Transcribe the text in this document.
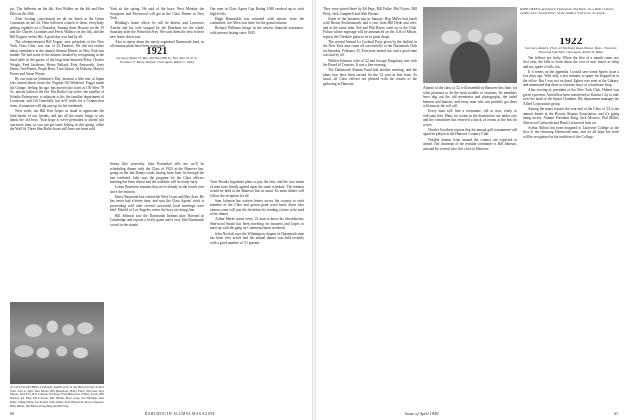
pic. The Selbertis on the 4th, Ken Walker on the 4th and Ben Ellis on the 29th.

After visiting coast-bound we all ate lunch at the Green Commons on the 24. Then followed a batch of them, everybody getting together on a Thursday. Among them Horatio on the 19 and the Charles Coombes and Ferris Wallace on the 4th, and the Bill Fogarts on the 8th. A good day was had by all.

The aforementioned Bill Fogart, now president of the New York Class Club, was one of 23 Farmers. He did not realize about attendance at the annual Alumni Dinner in New York last month. We had some of the alumni, headed by recognizing at the head table as the guests of the long-time-honored Prexy Charles Wright, Fred Jacobsen, Henry Ballard, Fritz Amsworth, Jerry Deniz, Ned Bemis, Proph Rose, Tim Gibson, Al Doherty, Harvey Ferrer and Verne Winter.

By our man on Valentine's Day, because a film tour of Japan was carried about down the Virginia Oil Weekend. Fogg's made his Grange, feeling his age, has moved into town at 150 West 79 St., almost fallen to the fire. His Radio City office, the satellite of Schultz Enterprises, is adjacent to his the familiar department of Louisiana, and Oil Generally, but he'll settle for a Connecticut farm, if someone will dig one up for his weekends.

Next week, our Bill Kerr hopes as usual to appreciate the kind hearts of our friends, and has all the warm things to say about the old boys. Your hope is we're permitted to attend just one more time, so you can get some fishing in this spring, while the Wall St. Three blue Baltic boats still have not been sold.

York sit the spring. He said of the boys: Next Monday the Scorpions and Fleetwood will get in the Class Dinner in New York.

Reading's home office: he will be absent, and Lawrence Ainslie and his wife stopped by the Dearborn for the whole Saturday after the Princeton Fray. We wish them the best in their new home down east.

Also to report about the newly organized Dartmouth fund, as all reunion plans have been postponed.

1921
Secretary, Robert S. Mix, 450 West 58th St., New York 19, N. Y.; Treasurer, F. Baron Sanford; Class Agent, Robert C. Wiley

Seems like yesterday. Jake Rosenthal tells me we'll be scheduling dinner with the Class of 1922 at the Hanover Inn, going on the Jim Dainty roads, lasting from June 1st through the late weekend. Jake says the program for the Class officers meeting has been drawn and the schedule will be ready early.

Lenny Bernstein remarks that we're already in the fourth year since the reunion.

Harry Raymond has visited the West Coast and Bay Area. He has never had a better time, and says the Class Agents' work is proceeding well after several successful local meetings were held. Harold of Los Angeles writes the boys are doing fine.

Bill Johnson saw the Dartmouth Indians play Harvard in Cambridge and reports a lively game and a very fine Dartmouth crowd in the stands.

Our men in Class Agent Cup Rating 1948 reached up to such high levels.

Hugh Barnstable has returned with reports from the committee: Joe Allen was there for the grand reunion.

Richard Williams brings in the newest financial assistance, with interest lasting since 1945.

Twin Brooks Ingraham plans to pay the fees, and the two teams of men have finally agreed upon the same schedule. The reunion would be held at the Hanover Inn as usual. Its main dinner will follow the reception for all.

Sam Johnson has written letters across the country to each member of the Class and gotten good word back; those who cannot come will join the festivities by sending a letter to be read at the dinner.

Arthur Marks wants every '21 man to know his whereabouts; Sherwood Smith has been traveling on business and hopes to meet up with the gang on Commencement weekend.

John Nichols says the Wilmington chapter of Dartmouth men has been very active and the annual dinner was held recently with a good number of '21 present.

'21 GET-TO-GETHER: A February alumni party in the Harvard Club of New York. Left to right: Dan Morse, Bill Beaumont, Harry Fultz, Jim Gass, Ray Mason, Walt Fox, Bob Johnson, Ed Rapp, Fred Hallowell, Whitey Lewis, Bill Hartley, Ed Tiley, Pitch Steele, Rab Martin, Hoot Gage, Joe Hartigan, Ken Kelly, Johnny Hunt, Joe Stadler, Sam Sidley, Fred Wheelock, Moose Shepard, Billy Miller, Jim Black, Doug Bing and Bill Day.
60	DARTMOUTH ALUMNI MAGAZINE

They were joined there by Ed Page, Bill Fuller, Phil Noyes, Bill Perry, Jack Campbell and Walt Ebener.

Some of the business trip in January: Reg Miller had lunch with Bernie Rocketmouth, and a visit from Bill Hyde and wife, and at the same time, Sid and Phil Hayes went on to the Club. Fulton whose marriage will be announced on the 11th of March, reports the Cheshire plaza to be in great shape.

The second Annual La Cocktail Party given by the faithful in the New York area came off successfully at the Dartmouth Club on Saturday, February 25. Everyone turned out, and a good time was had by all.

Wilbert Johnson, wife of '22 and George Kingsbury, met with the Board of Trustees. It was a fine evening.

The Dartmouth Alumni Fund had another meeting, and the plans now have been carried for the '22 year in fine form. As usual, all Class officers are pleased with the results of the gathering in Hanover.

KNEE DEEP in prehistoric Dartmouth, Ted Nash, '22, a Baker Library exhibit. Also "Grand Prize" of the Indian's Club to an '22 trophy.

Alumni of the class of '22 will assemble at Hanover this June, for what promises to be the most notable of reunions. Its members have dug out the old mementos and photographs, the faded banners and buttons, and every man who can possibly get there will answer the roll call.

Every man will find a roommate, old or new, ready to welcome him. Plans for rooms in the dormitories are under way and the committee has reserved a block of rooms at the Inn for wives.

Charles Goodwin reports that the annual golf tournament will again be played at the Hanover Country Club.

Notable alumni from around the country are expected to attend. The chairman of the reunion committee is Bill Johnson, assisted by several who live close to Hanover.

1922
Secretary, Ralph L. Fitch, 45 Northeast Road, Boston, Mass.; Treasurer, Sherwood Fairchild; Class Agent, Robert W. Baker

Ten fellows are lucky. When the first of a month came, my first year, the bills to learn about the cost of new issues as whip and my spade of tells, too.

If it seems on the appendix I would save some Sports issue a few days ago. With only a few minutes to spare, he dropped in at the office. But I was not on hand. Egbert was seen at the Library, and mentioned that there is a bronze story of a hardware shop.

After serving as president of the New York Club, Hubert was given a present. Arnold has been transferred to Kansas City to take over the head of the Junior Chamber. His department manages the Allied Corporation group.

Among the many reports the year-end of the Class of '22 is the annual dinner at the Boston Alumni Association, and it's going along nicely. Alumni President King, Jack Morrow, Phil Miller, Sherwood Cudworth and Hank Lockwood look on.

Arthur Abbott has been assigned to Lafayette College as the first of the returning Dartmouth men, and we all hope his work will be recognized in the tradition of the College.

Issue of April 1949	61
